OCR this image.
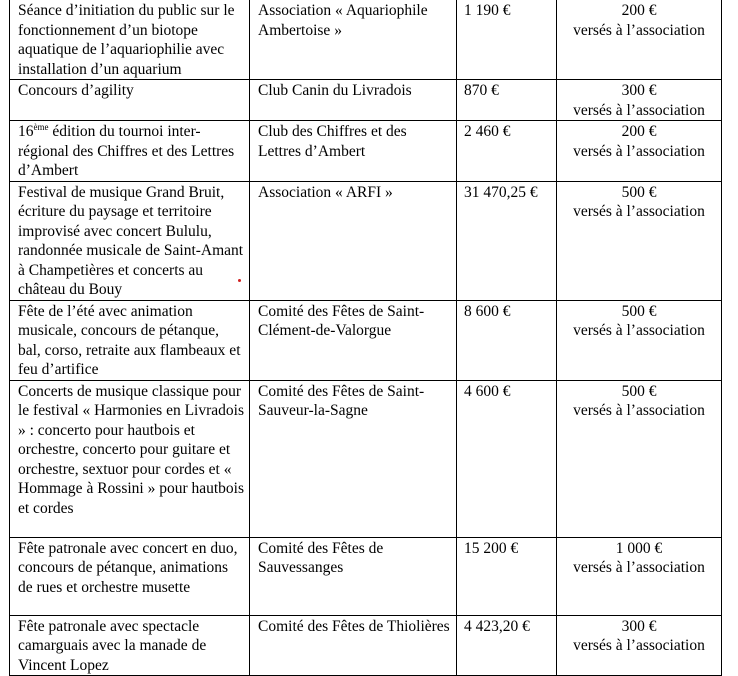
Séance d’initiation du public sur le fonctionnement d’un biotope aquatique de l’aquariophilie avec installation d’un aquarium	Association « Aquariophile Ambertoise »	1 190 €	200 €
versés à l’association

Concours d’agility	Club Canin du Livradois	870 €	300 €
versés à l’association

16ème édition du tournoi inter-régional des Chiffres et des Lettres d’Ambert	Club des Chiffres et des Lettres d’Ambert	2 460 €	200 €
versés à l’association

Festival de musique Grand Bruit, écriture du paysage et territoire improvisé avec concert Bululu, randonnée musicale de Saint-Amant à Champetières et concerts au château du Bouy	Association « ARFI »	31 470,25 €	500 €
versés à l’association

Fête de l’été avec animation musicale, concours de pétanque, bal, corso, retraite aux flambeaux et feu d’artifice	Comité des Fêtes de Saint-Clément-de-Valorgue	8 600 €	500 €
versés à l’association

Concerts de musique classique pour le festival « Harmonies en Livradois » : concerto pour hautbois et orchestre, concerto pour guitare et orchestre, sextuor pour cordes et « Hommage à Rossini » pour hautbois et cordes	Comité des Fêtes de Saint-Sauveur-la-Sagne	4 600 €	500 €
versés à l’association

Fête patronale avec concert en duo, concours de pétanque, animations de rues et orchestre musette	Comité des Fêtes de Sauvessanges	15 200 €	1 000 €
versés à l’association

Fête patronale avec spectacle camarguais avec la manade de Vincent Lopez	Comité des Fêtes de Thiolières	4 423,20 €	300 €
versés à l’association
